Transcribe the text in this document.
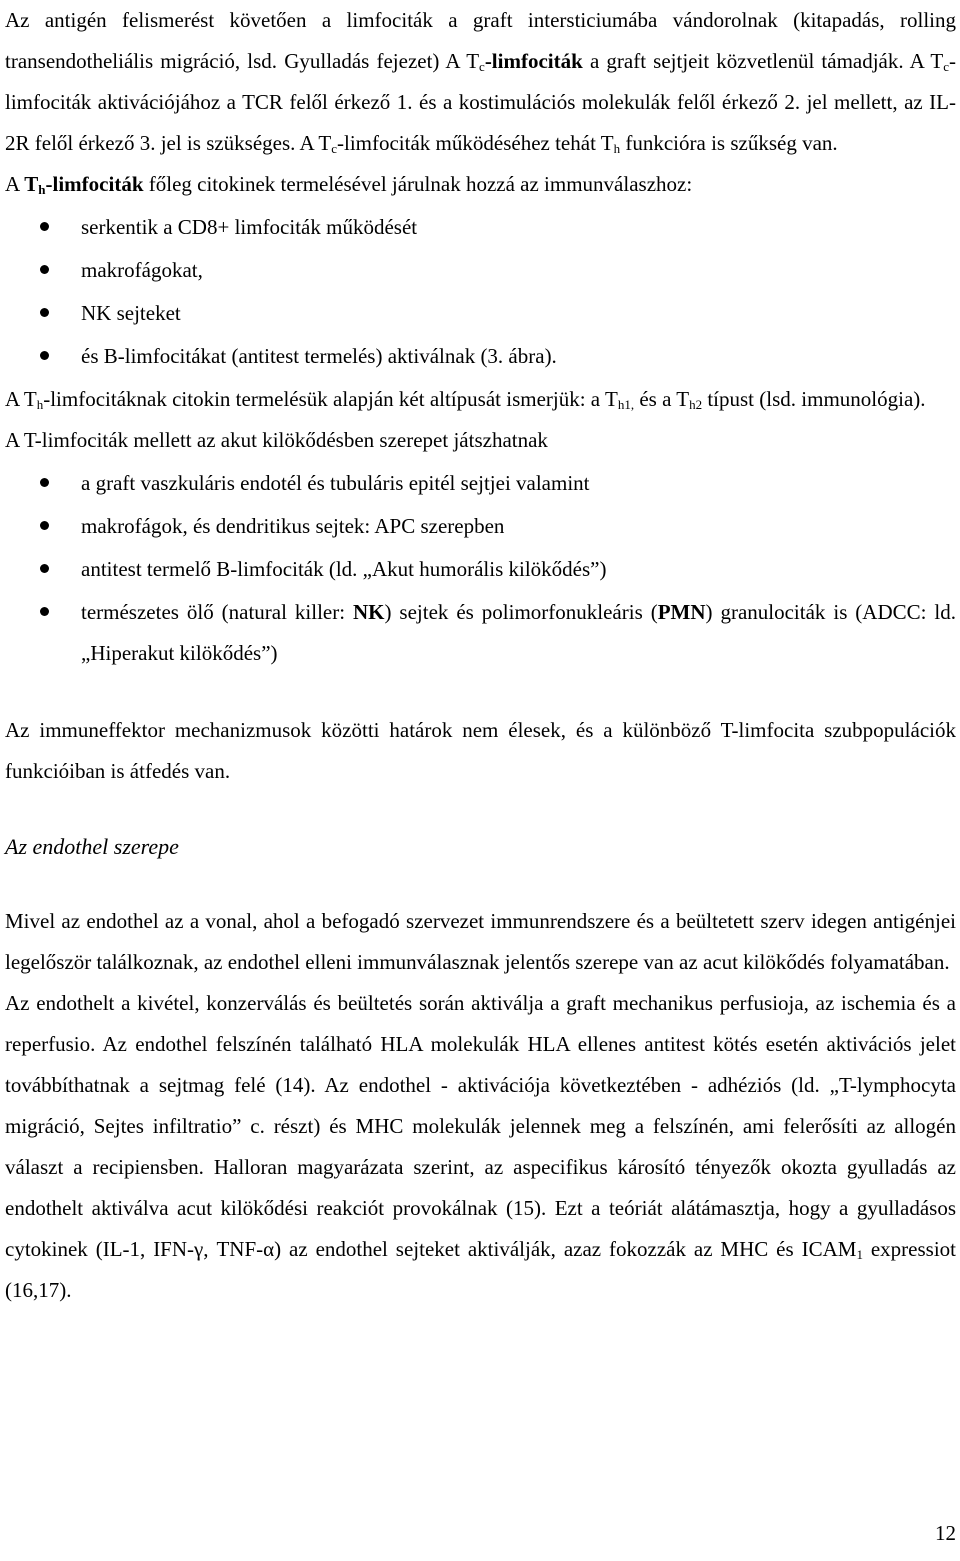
Az antigén felismerést követően a limfociták a graft intersticiumába vándorolnak (kitapadás, rolling transendotheliális migráció, lsd. Gyulladás fejezet) A $T_c$-limfociták a graft sejtjeit közvetlenül támadják. A $T_c$-limfociták aktivációjához a TCR felől érkező 1. és a kostimulációs molekulák felől érkező 2. jel mellett, az IL-2R felől érkező 3. jel is szükséges. A $T_c$-limfociták működéséhez tehát $T_h$ funkcióra is szűkség van.

A $T_h$-limfociták főleg citokinek termelésével járulnak hozzá az immunválaszhoz:

serkentik a CD8+ limfociták működését
makrofágokat,
NK sejteket
és B-limfocitákat (antitest termelés) aktiválnak (3. ábra).

A $T_h$-limfocitáknak citokin termelésük alapján két altípusát ismerjük: a $T_{h1,}$ és a $T_{h2}$ típust (lsd. immunológia).

A T-limfociták mellett az akut kilökődésben szerepet játszhatnak

a graft vaszkuláris endotél és tubuláris epitél sejtjei valamint
makrofágok, és dendritikus sejtek: APC szerepben
antitest termelő B-limfociták (ld. „Akut humorális kilökődés”)
természetes ölő (natural killer: NK) sejtek és polimorfonukleáris (PMN) granulociták is (ADCC: ld. „Hiperakut kilökődés”)

Az immuneffektor mechanizmusok közötti határok nem élesek, és a különböző T-limfocita szubpopulációk funkcióiban is átfedés van.

Az endothel szerepe

Mivel az endothel az a vonal, ahol a befogadó szervezet immunrendszere és a beültetett szerv idegen antigénjei legelőször találkoznak, az endothel elleni immunválasznak jelentős szerepe van az acut kilökődés folyamatában.

Az endothelt a kivétel, konzerválás és beültetés során aktiválja a graft mechanikus perfusioja, az ischemia és a reperfusio. Az endothel felszínén található HLA molekulák HLA ellenes antitest kötés esetén aktivációs jelet továbbíthatnak a sejtmag felé (14). Az endothel - aktivációja következtében - adhéziós (ld. „T-lymphocyta migráció, Sejtes infiltratio” c. részt) és MHC molekulák jelennek meg a felszínén, ami felerősíti az allogén választ a recipiensben. Halloran magyarázata szerint, az aspecifikus károsító tényezők okozta gyulladás az endothelt aktiválva acut kilökődési reakciót provokálnak (15). Ezt a teóriát alátámasztja, hogy a gyulladásos cytokinek (IL-1, IFN-γ, TNF-α) az endothel sejteket aktiválják, azaz fokozzák az MHC és $ICAM_1$ expressiot (16,17).

12
